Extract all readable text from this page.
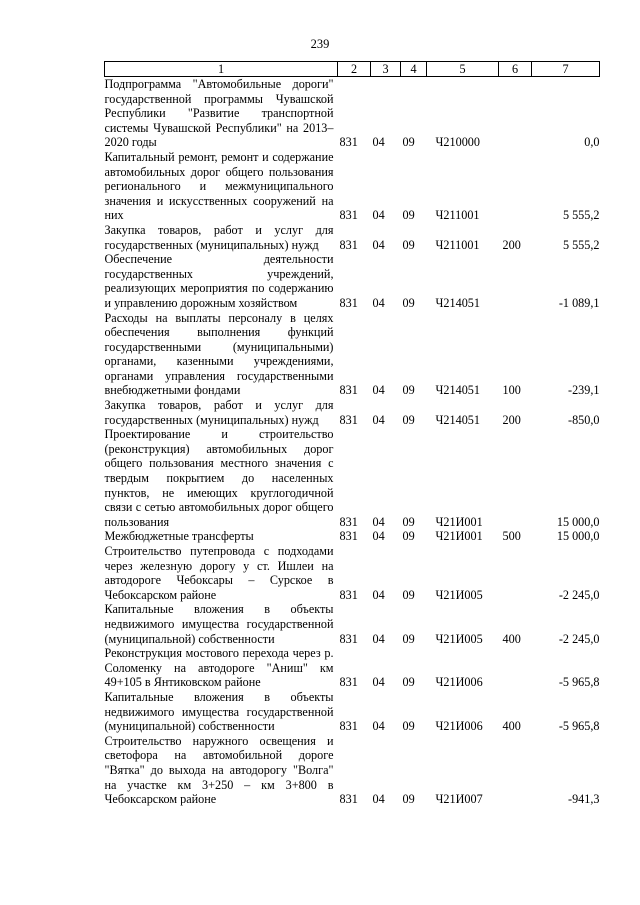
239
1	2	3	4	5	6	7
Подпрограмма "Автомобильные дороги" государственной программы Чувашской Республики "Развитие транспортной системы Чувашской Республики" на 2013–2020 годы	831	04	09	Ч210000		0,0
Капитальный ремонт, ремонт и содержание автомобильных дорог общего пользования регионального и межмуниципального значения и искусственных сооружений на них	831	04	09	Ч211001		5 555,2
Закупка товаров, работ и услуг для государственных (муниципальных) нужд	831	04	09	Ч211001	200	5 555,2
Обеспечение деятельности государственных учреждений, реализующих мероприятия по содержанию и управлению дорожным хозяйством	831	04	09	Ч214051		-1 089,1
Расходы на выплаты персоналу в целях обеспечения выполнения функций государственными (муниципальными) органами, казенными учреждениями, органами управления государственными внебюджетными фондами	831	04	09	Ч214051	100	-239,1
Закупка товаров, работ и услуг для государственных (муниципальных) нужд	831	04	09	Ч214051	200	-850,0
Проектирование и строительство (реконструкция) автомобильных дорог общего пользования местного значения с твердым покрытием до населенных пунктов, не имеющих круглогодичной связи с сетью автомобильных дорог общего пользования	831	04	09	Ч21И001		15 000,0
Межбюджетные трансферты	831	04	09	Ч21И001	500	15 000,0
Строительство путепровода с подходами через железную дорогу у ст. Ишлеи на автодороге Чебоксары – Сурское в Чебоксарском районе	831	04	09	Ч21И005		-2 245,0
Капитальные вложения в объекты недвижимого имущества государственной (муниципальной) собственности	831	04	09	Ч21И005	400	-2 245,0
Реконструкция мостового перехода через р. Соломенку на автодороге "Аниш" км 49+105 в Янтиковском районе	831	04	09	Ч21И006		-5 965,8
Капитальные вложения в объекты недвижимого имущества государственной (муниципальной) собственности	831	04	09	Ч21И006	400	-5 965,8
Строительство наружного освещения и светофора на автомобильной дороге "Вятка" до выхода на автодорогу "Волга" на участке км 3+250 – км 3+800 в Чебоксарском районе	831	04	09	Ч21И007		-941,3
